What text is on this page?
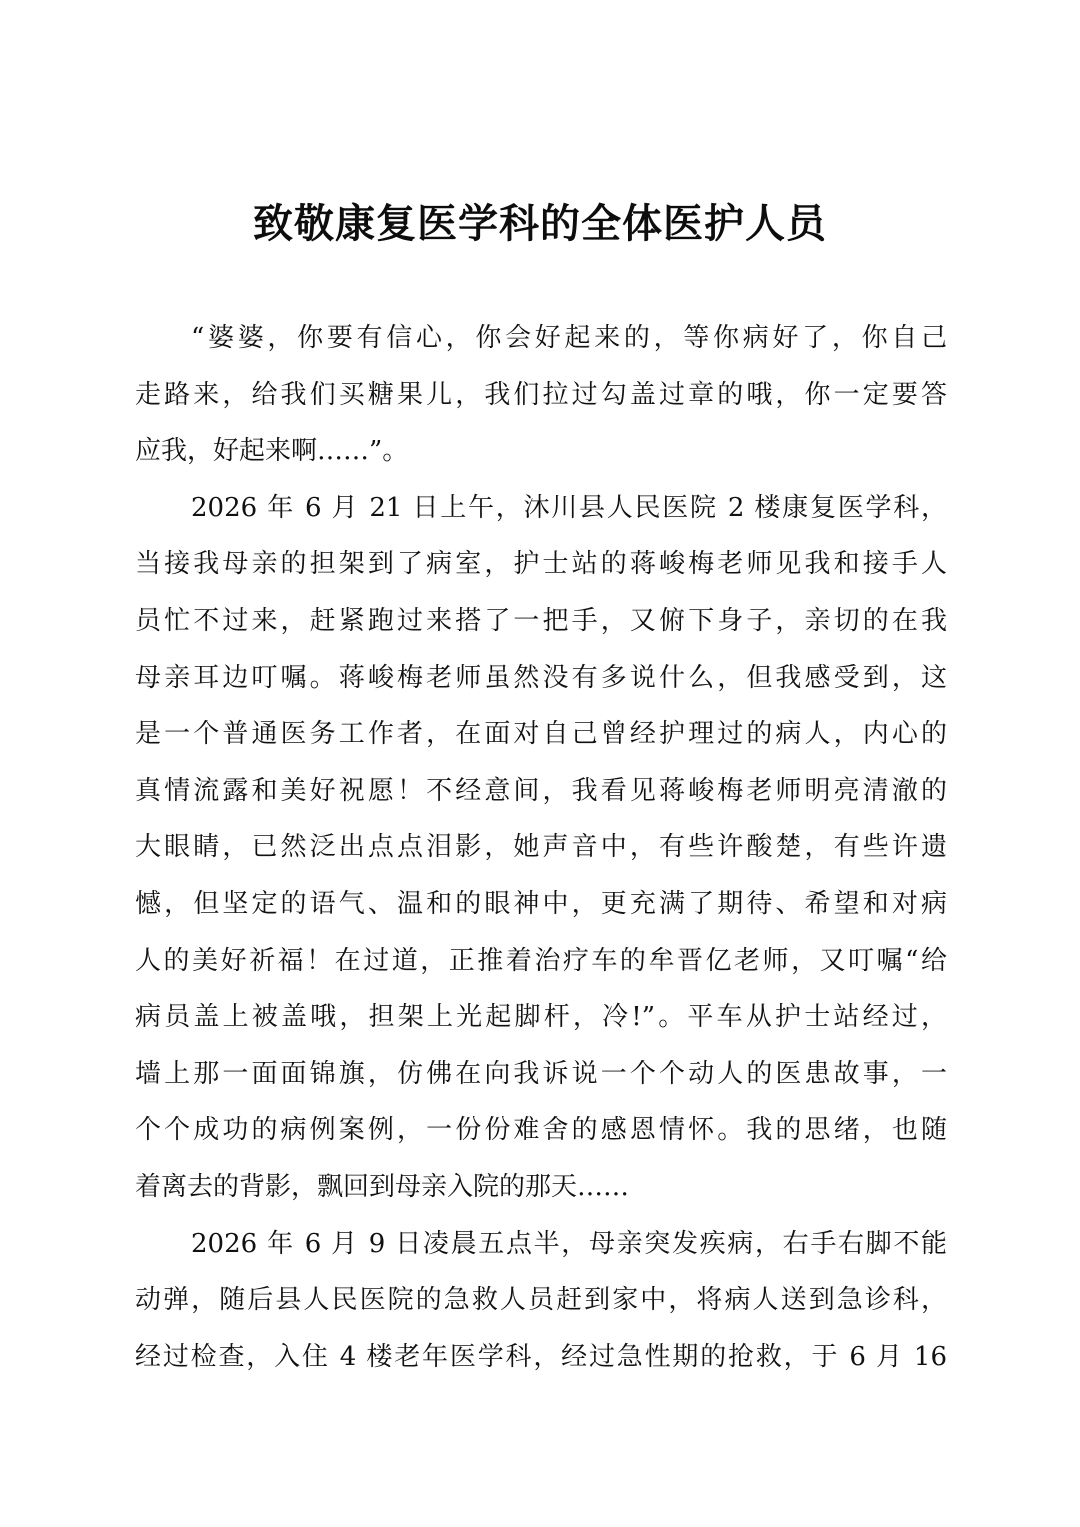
致敬康复医学科的全体医护人员
“婆婆，你要有信心，你会好起来的，等你病好了，你自己
走路来，给我们买糖果儿，我们拉过勾盖过章的哦，你一定要答
应我，好起来啊……”。
2026 年 6 月 21 日上午，沐川县人民医院 2 楼康复医学科，
当接我母亲的担架到了病室，护士站的蒋峻梅老师见我和接手人
员忙不过来，赶紧跑过来搭了一把手，又俯下身子，亲切的在我
母亲耳边叮嘱。蒋峻梅老师虽然没有多说什么，但我感受到，这
是一个普通医务工作者，在面对自己曾经护理过的病人，内心的
真情流露和美好祝愿！不经意间，我看见蒋峻梅老师明亮清澈的
大眼睛，已然泛出点点泪影，她声音中，有些许酸楚，有些许遗
憾，但坚定的语气、温和的眼神中，更充满了期待、希望和对病
人的美好祈福！在过道，正推着治疗车的牟晋亿老师，又叮嘱“给
病员盖上被盖哦，担架上光起脚杆，冷!”。平车从护士站经过，
墙上那一面面锦旗，仿佛在向我诉说一个个动人的医患故事，一
个个成功的病例案例，一份份难舍的感恩情怀。我的思绪，也随
着离去的背影，飘回到母亲入院的那天……
2026 年 6 月 9 日凌晨五点半，母亲突发疾病，右手右脚不能
动弹，随后县人民医院的急救人员赶到家中，将病人送到急诊科，
经过检查，入住 4 楼老年医学科，经过急性期的抢救，于 6 月 16
